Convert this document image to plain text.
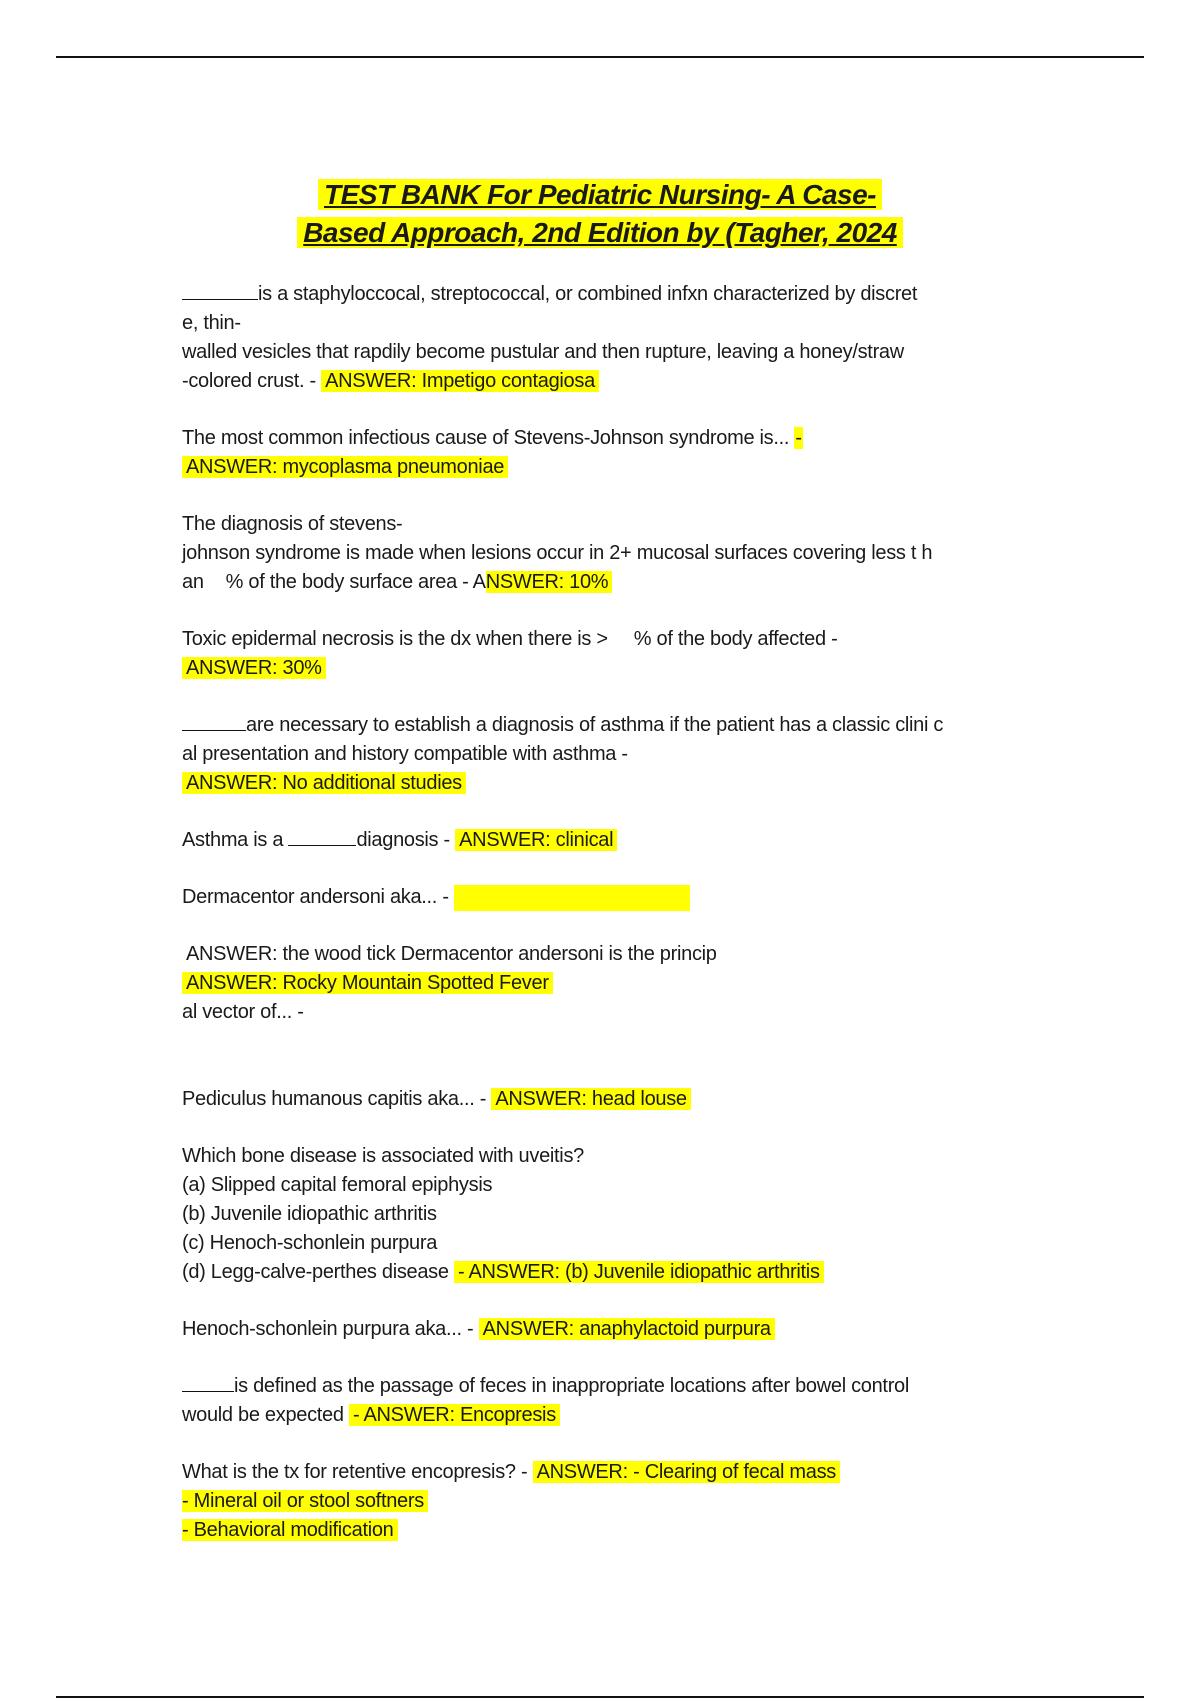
TEST BANK For Pediatric Nursing- A Case-
Based Approach, 2nd Edition by (Tagher, 2024
is a staphyloccocal, streptococcal, or combined infxn characterized by discret
e, thin-
walled vesicles that rapdily become pustular and then rupture, leaving a honey/straw
-colored crust. - ANSWER: Impetigo contagiosa
The most common infectious cause of Stevens-Johnson syndrome is... -
ANSWER: mycoplasma pneumoniae
The diagnosis of stevens-
johnson syndrome is made when lesions occur in 2+ mucosal surfaces covering less t h
an % of the body surface area - ANSWER: 10%
Toxic epidermal necrosis is the dx when there is > % of the body affected -
ANSWER: 30%
are necessary to establish a diagnosis of asthma if the patient has a classic clini c
al presentation and history compatible with asthma -
ANSWER: No additional studies
Asthma is a	diagnosis - ANSWER: clinical
Dermacentor andersoni aka... -
ANSWER: the wood tick Dermacentor andersoni is the princip
ANSWER: Rocky Mountain Spotted Fever
al vector of... -
Pediculus humanous capitis aka... - ANSWER: head louse
Which bone disease is associated with uveitis?
(a) Slipped capital femoral epiphysis
(b) Juvenile idiopathic arthritis
(c) Henoch-schonlein purpura
(d) Legg-calve-perthes disease - ANSWER: (b) Juvenile idiopathic arthritis
Henoch-schonlein purpura aka... - ANSWER: anaphylactoid purpura
is defined as the passage of feces in inappropriate locations after bowel control
would be expected - ANSWER: Encopresis
What is the tx for retentive encopresis? - ANSWER: - Clearing of fecal mass
- Mineral oil or stool softners
- Behavioral modification
